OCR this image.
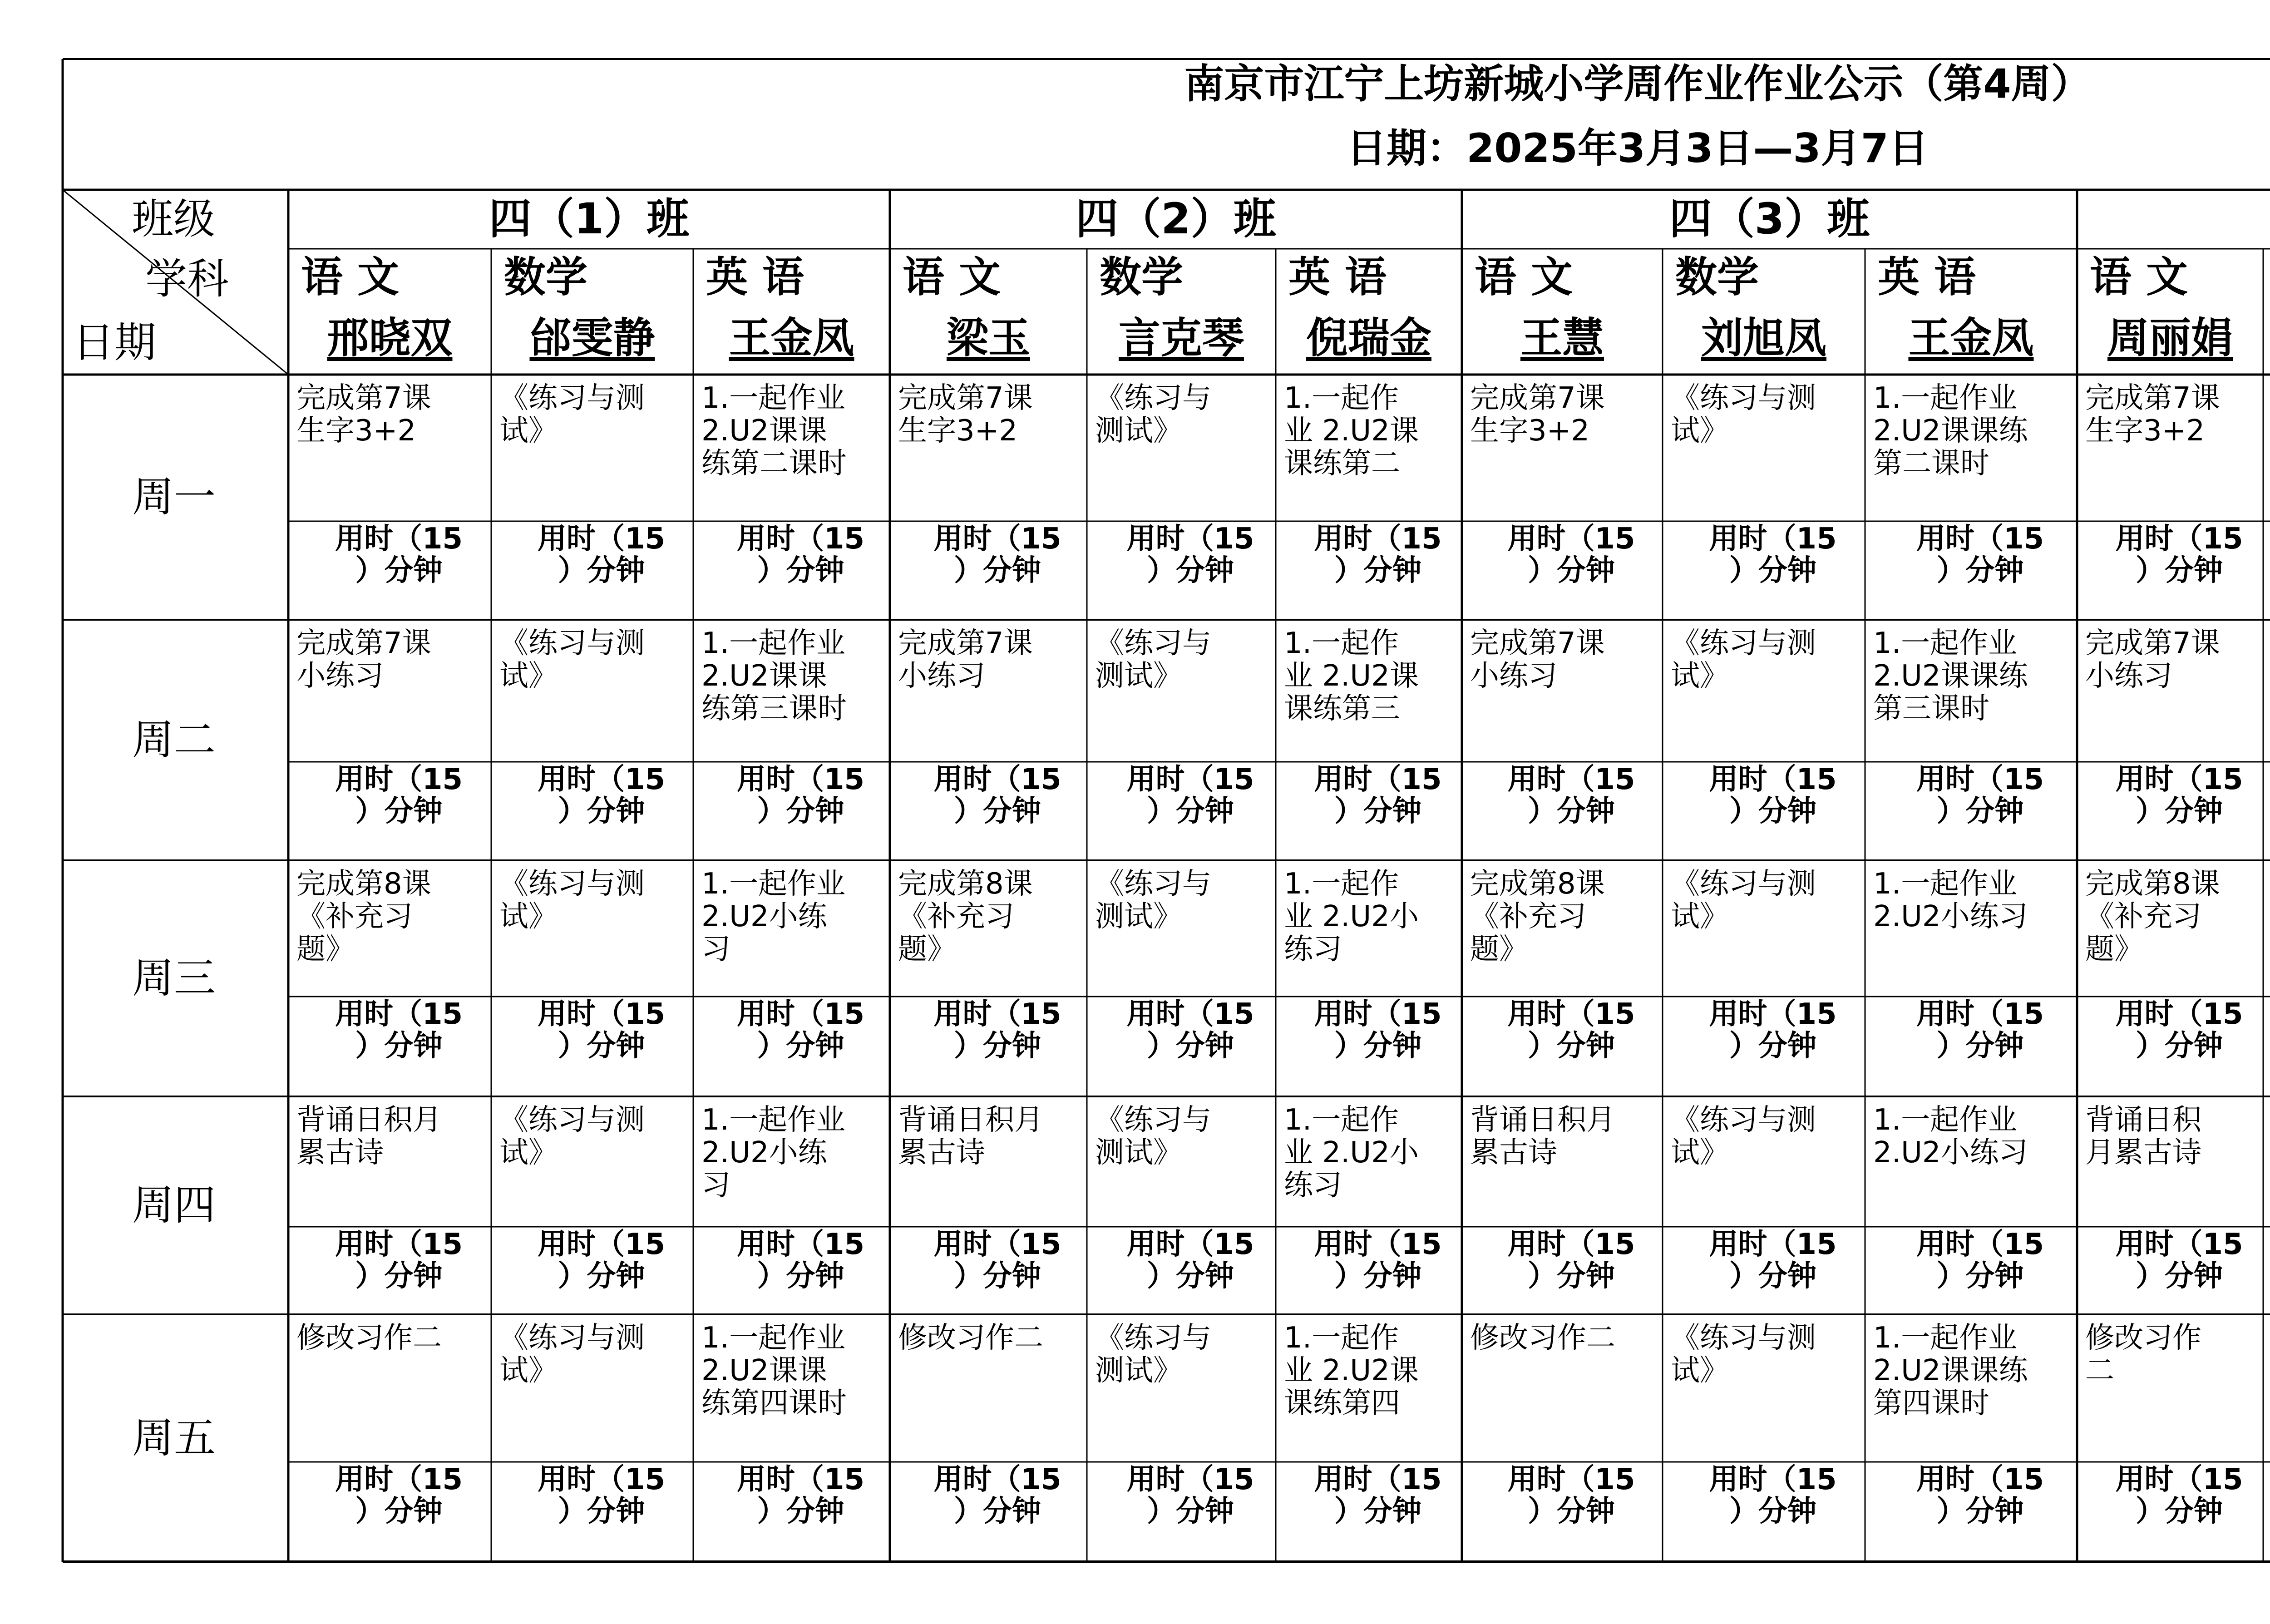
南京市江宁上坊新城小学周作业作业公示（第4周）
日期：2025年3月3日—3月7日
班级
学科
日期
四（1）班
语 文
邢晓双
数学
邰雯静
英 语
王金凤
四（2）班
语 文
梁玉
数学
言克琴
英 语
倪瑞金
四（3）班
语 文
王慧
数学
刘旭凤
英 语
王金凤
语 文
周丽娟
周一
完成第7课
生字3+2
用时（15
）分钟
《练习与测
试》
用时（15
）分钟
1.一起作业
2.U2课课
练第二课时
用时（15
）分钟
完成第7课
生字3+2
用时（15
）分钟
《练习与
测试》
用时（15
）分钟
1.一起作
业 2.U2课
课练第二
用时（15
）分钟
完成第7课
生字3+2
用时（15
）分钟
《练习与测
试》
用时（15
）分钟
1.一起作业
2.U2课课练
第二课时
用时（15
）分钟
完成第7课
生字3+2
用时（15
）分钟
周二
完成第7课
小练习
用时（15
）分钟
《练习与测
试》
用时（15
）分钟
1.一起作业
2.U2课课
练第三课时
用时（15
）分钟
完成第7课
小练习
用时（15
）分钟
《练习与
测试》
用时（15
）分钟
1.一起作
业 2.U2课
课练第三
用时（15
）分钟
完成第7课
小练习
用时（15
）分钟
《练习与测
试》
用时（15
）分钟
1.一起作业
2.U2课课练
第三课时
用时（15
）分钟
完成第7课
小练习
用时（15
）分钟
周三
完成第8课
《补充习
题》
用时（15
）分钟
《练习与测
试》
用时（15
）分钟
1.一起作业
2.U2小练
习
用时（15
）分钟
完成第8课
《补充习
题》
用时（15
）分钟
《练习与
测试》
用时（15
）分钟
1.一起作
业 2.U2小
练习
用时（15
）分钟
完成第8课
《补充习
题》
用时（15
）分钟
《练习与测
试》
用时（15
）分钟
1.一起作业
2.U2小练习
用时（15
）分钟
完成第8课
《补充习
题》
用时（15
）分钟
周四
背诵日积月
累古诗
用时（15
）分钟
《练习与测
试》
用时（15
）分钟
1.一起作业
2.U2小练
习
用时（15
）分钟
背诵日积月
累古诗
用时（15
）分钟
《练习与
测试》
用时（15
）分钟
1.一起作
业 2.U2小
练习
用时（15
）分钟
背诵日积月
累古诗
用时（15
）分钟
《练习与测
试》
用时（15
）分钟
1.一起作业
2.U2小练习
用时（15
）分钟
背诵日积
月累古诗
用时（15
）分钟
周五
修改习作二
用时（15
）分钟
《练习与测
试》
用时（15
）分钟
1.一起作业
2.U2课课
练第四课时
用时（15
）分钟
修改习作二
用时（15
）分钟
《练习与
测试》
用时（15
）分钟
1.一起作
业 2.U2课
课练第四
用时（15
）分钟
修改习作二
用时（15
）分钟
《练习与测
试》
用时（15
）分钟
1.一起作业
2.U2课课练
第四课时
用时（15
）分钟
修改习作
二
用时（15
）分钟
